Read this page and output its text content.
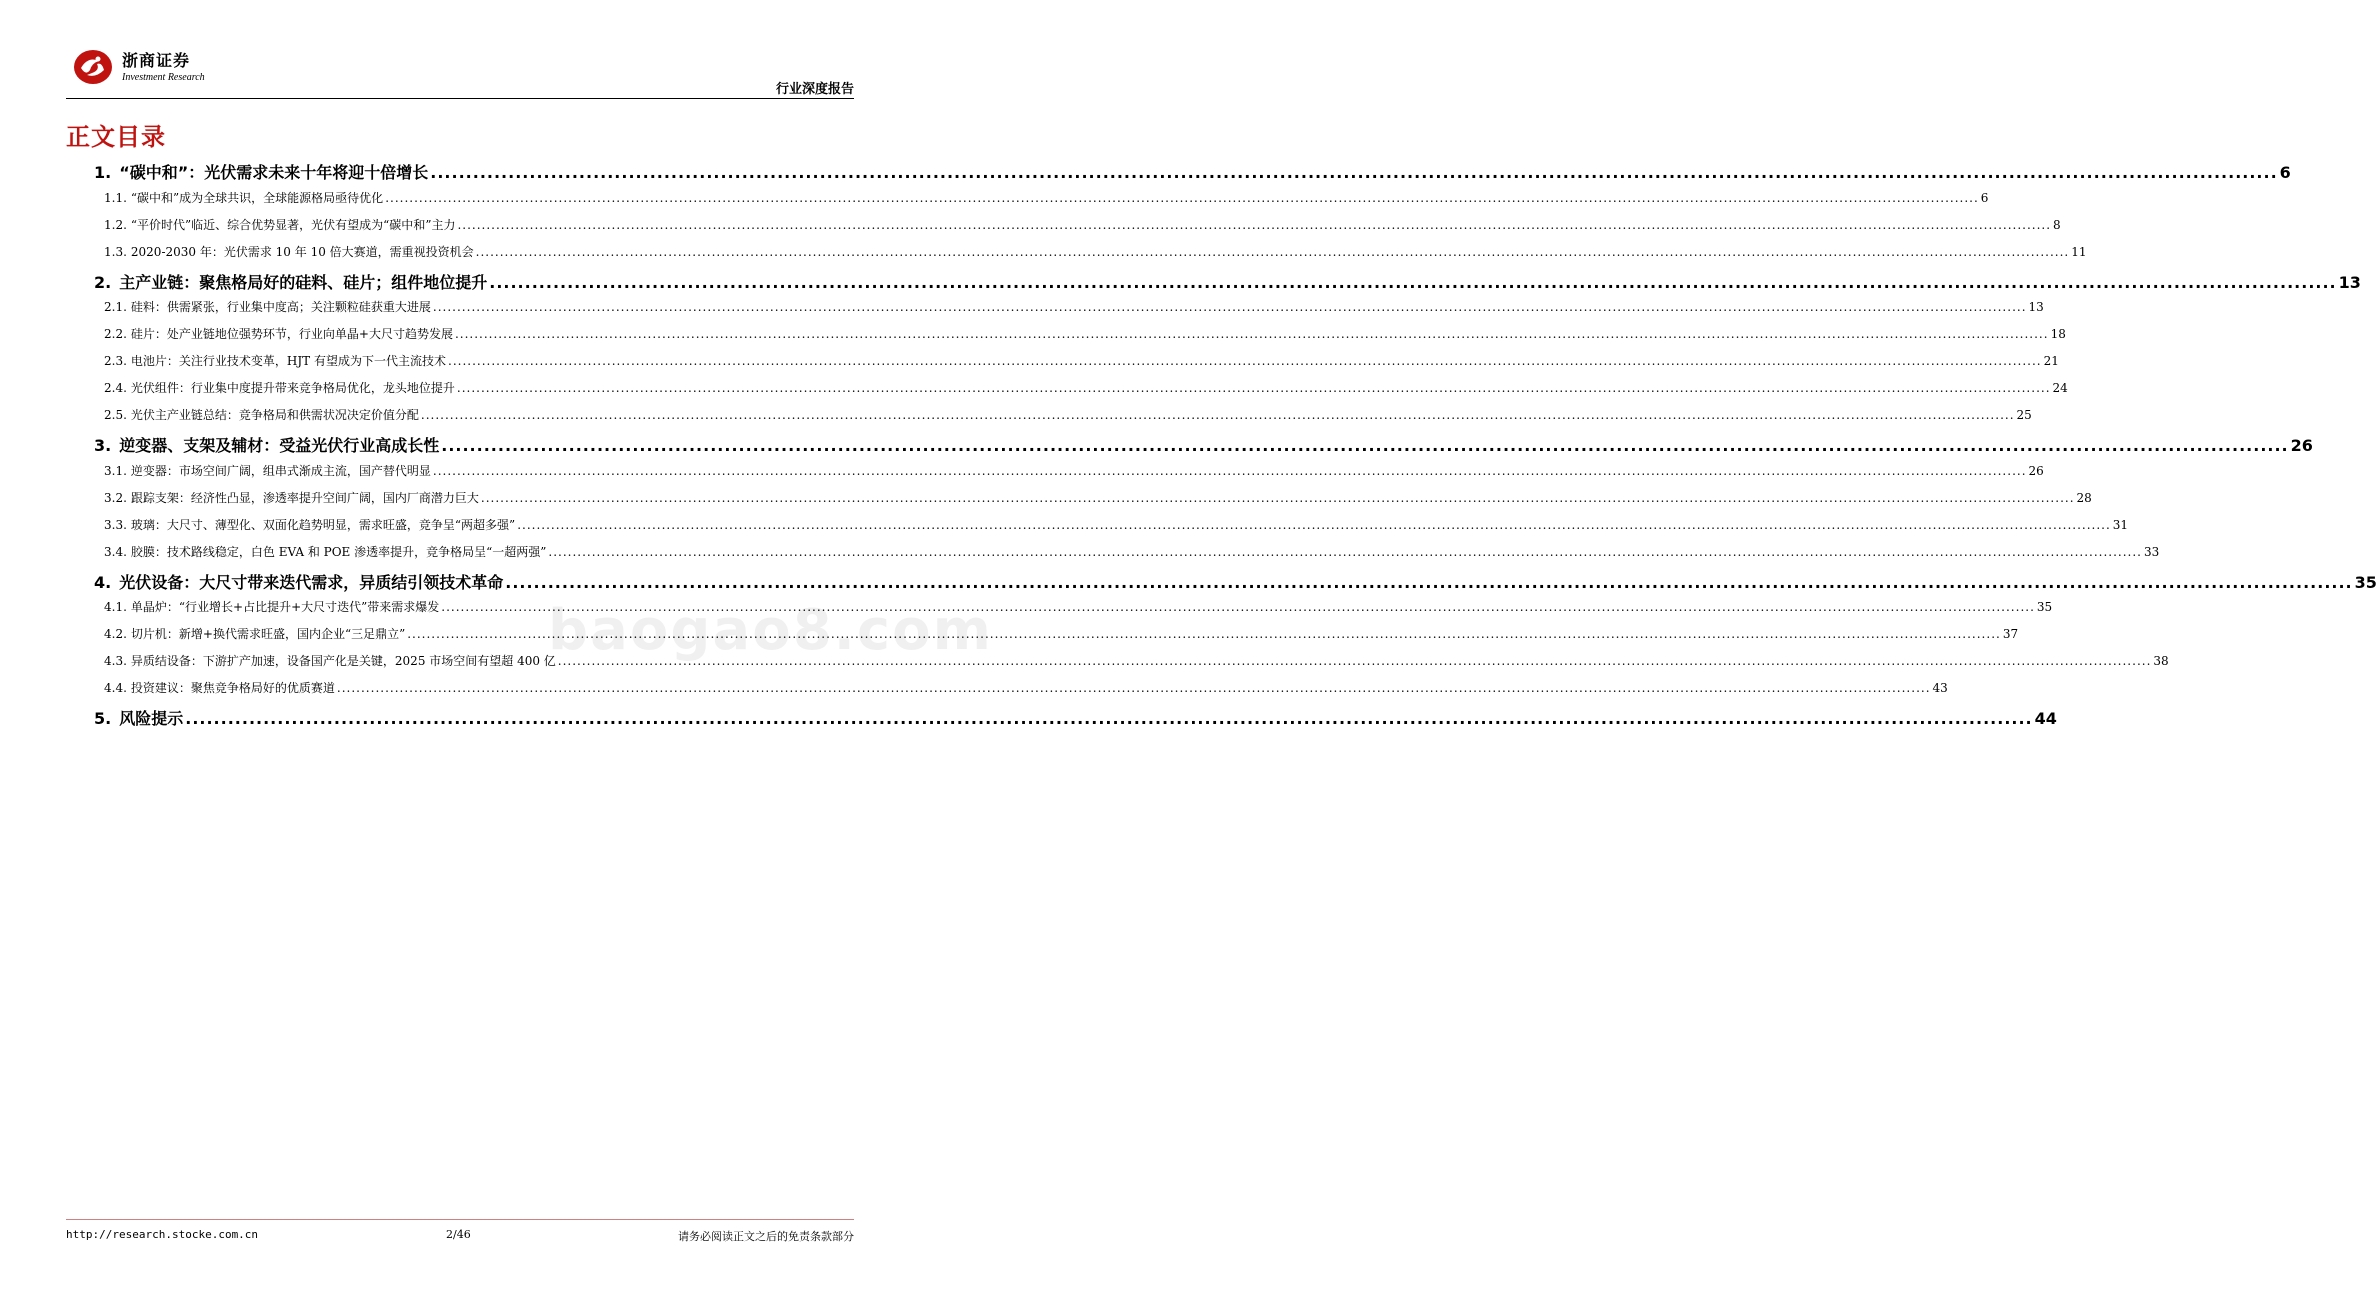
浙商证券
Investment Research
行业深度报告
正文目录
1. “碳中和”：光伏需求未来十年将迎十倍增长 .....	6
1.1. “碳中和”成为全球共识，全球能源格局亟待优化 .....	6
1.2. “平价时代”临近、综合优势显著，光伏有望成为“碳中和”主力 .....	8
1.3. 2020-2030 年：光伏需求 10 年 10 倍大赛道，需重视投资机会 .....	11
2. 主产业链：聚焦格局好的硅料、硅片；组件地位提升 .....	13
2.1. 硅料：供需紧张，行业集中度高；关注颗粒硅获重大进展 .....	13
2.2. 硅片：处产业链地位强势环节，行业向单晶+大尺寸趋势发展 .....	18
2.3. 电池片：关注行业技术变革，HJT 有望成为下一代主流技术 .....	21
2.4. 光伏组件：行业集中度提升带来竞争格局优化，龙头地位提升 .....	24
2.5. 光伏主产业链总结：竞争格局和供需状况决定价值分配 .....	25
3. 逆变器、支架及辅材：受益光伏行业高成长性 .....	26
3.1. 逆变器：市场空间广阔，组串式渐成主流，国产替代明显 .....	26
3.2. 跟踪支架：经济性凸显，渗透率提升空间广阔，国内厂商潜力巨大 .....	28
3.3. 玻璃：大尺寸、薄型化、双面化趋势明显，需求旺盛，竞争呈“两超多强” .....	31
3.4. 胶膜：技术路线稳定，白色 EVA 和 POE 渗透率提升，竞争格局呈“一超两强” .....	33
4. 光伏设备：大尺寸带来迭代需求，异质结引领技术革命 .....	35
4.1. 单晶炉：“行业增长+占比提升+大尺寸迭代”带来需求爆发 .....	35
4.2. 切片机：新增+换代需求旺盛，国内企业“三足鼎立” .....	37
4.3. 异质结设备：下游扩产加速，设备国产化是关键，2025 市场空间有望超 400 亿 .....	38
4.4. 投资建议：聚焦竞争格局好的优质赛道 .....	43
5. 风险提示 .....	44
baogao8.com
http://research.stocke.com.cn	2/46	请务必阅读正文之后的免责条款部分
